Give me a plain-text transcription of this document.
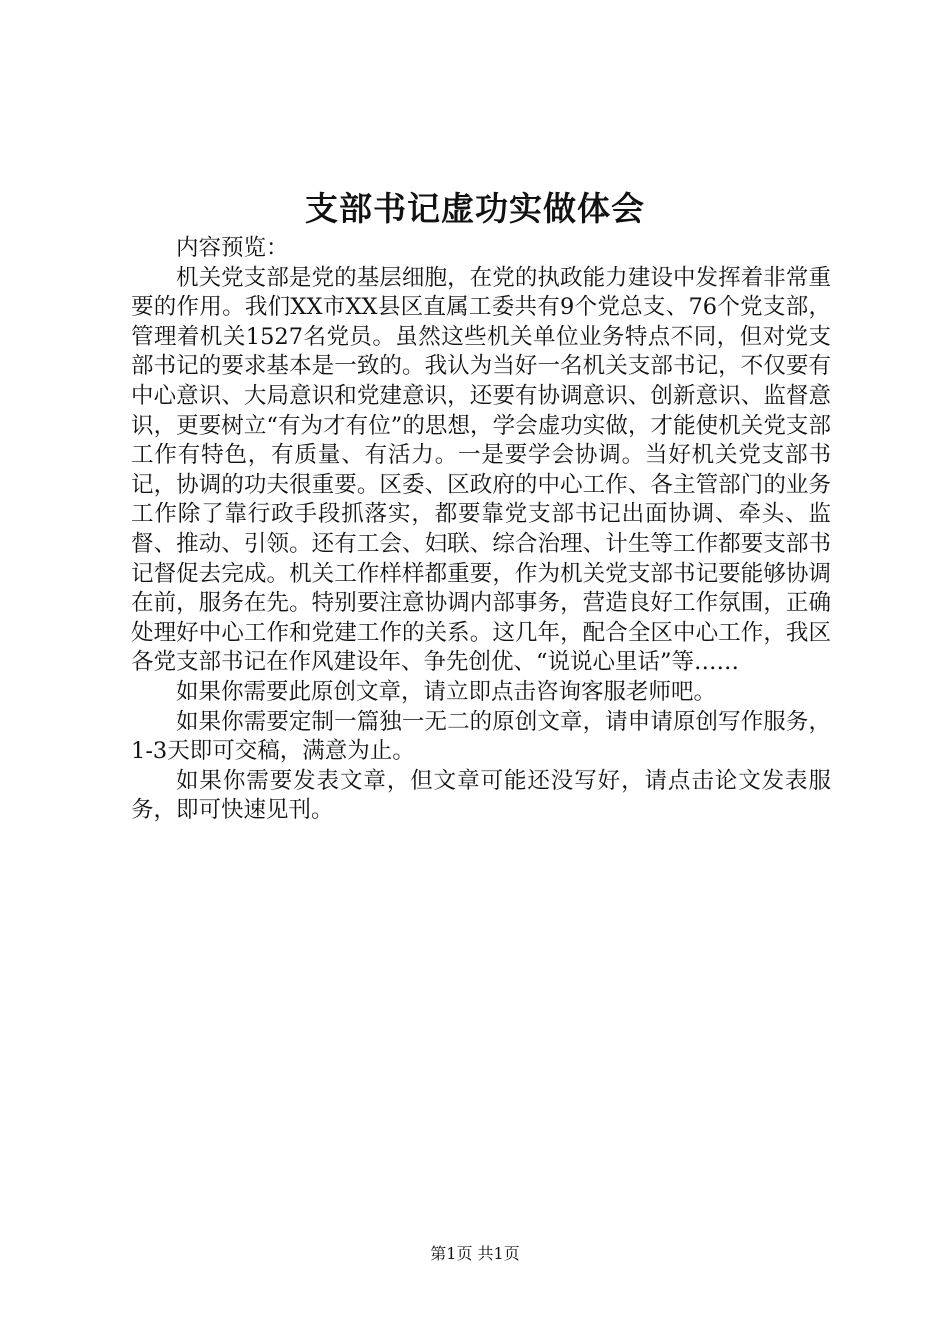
支部书记虚功实做体会

内容预览：

机关党支部是党的基层细胞，在党的执政能力建设中发挥着非常重要的作用。我们XX市XX县区直属工委共有9个党总支、76个党支部，管理着机关1527名党员。虽然这些机关单位业务特点不同，但对党支部书记的要求基本是一致的。我认为当好一名机关支部书记，不仅要有中心意识、大局意识和党建意识，还要有协调意识、创新意识、监督意识，更要树立“有为才有位”的思想，学会虚功实做，才能使机关党支部工作有特色，有质量、有活力。一是要学会协调。当好机关党支部书记，协调的功夫很重要。区委、区政府的中心工作、各主管部门的业务工作除了靠行政手段抓落实，都要靠党支部书记出面协调、牵头、监督、推动、引领。还有工会、妇联、综合治理、计生等工作都要支部书记督促去完成。机关工作样样都重要，作为机关党支部书记要能够协调在前，服务在先。特别要注意协调内部事务，营造良好工作氛围，正确处理好中心工作和党建工作的关系。这几年，配合全区中心工作，我区各党支部书记在作风建设年、争先创优、“说说心里话”等……

如果你需要此原创文章，请立即点击咨询客服老师吧。

如果你需要定制一篇独一无二的原创文章，请申请原创写作服务，1-3天即可交稿，满意为止。

如果你需要发表文章，但文章可能还没写好，请点击论文发表服务，即可快速见刊。

第1页 共1页
